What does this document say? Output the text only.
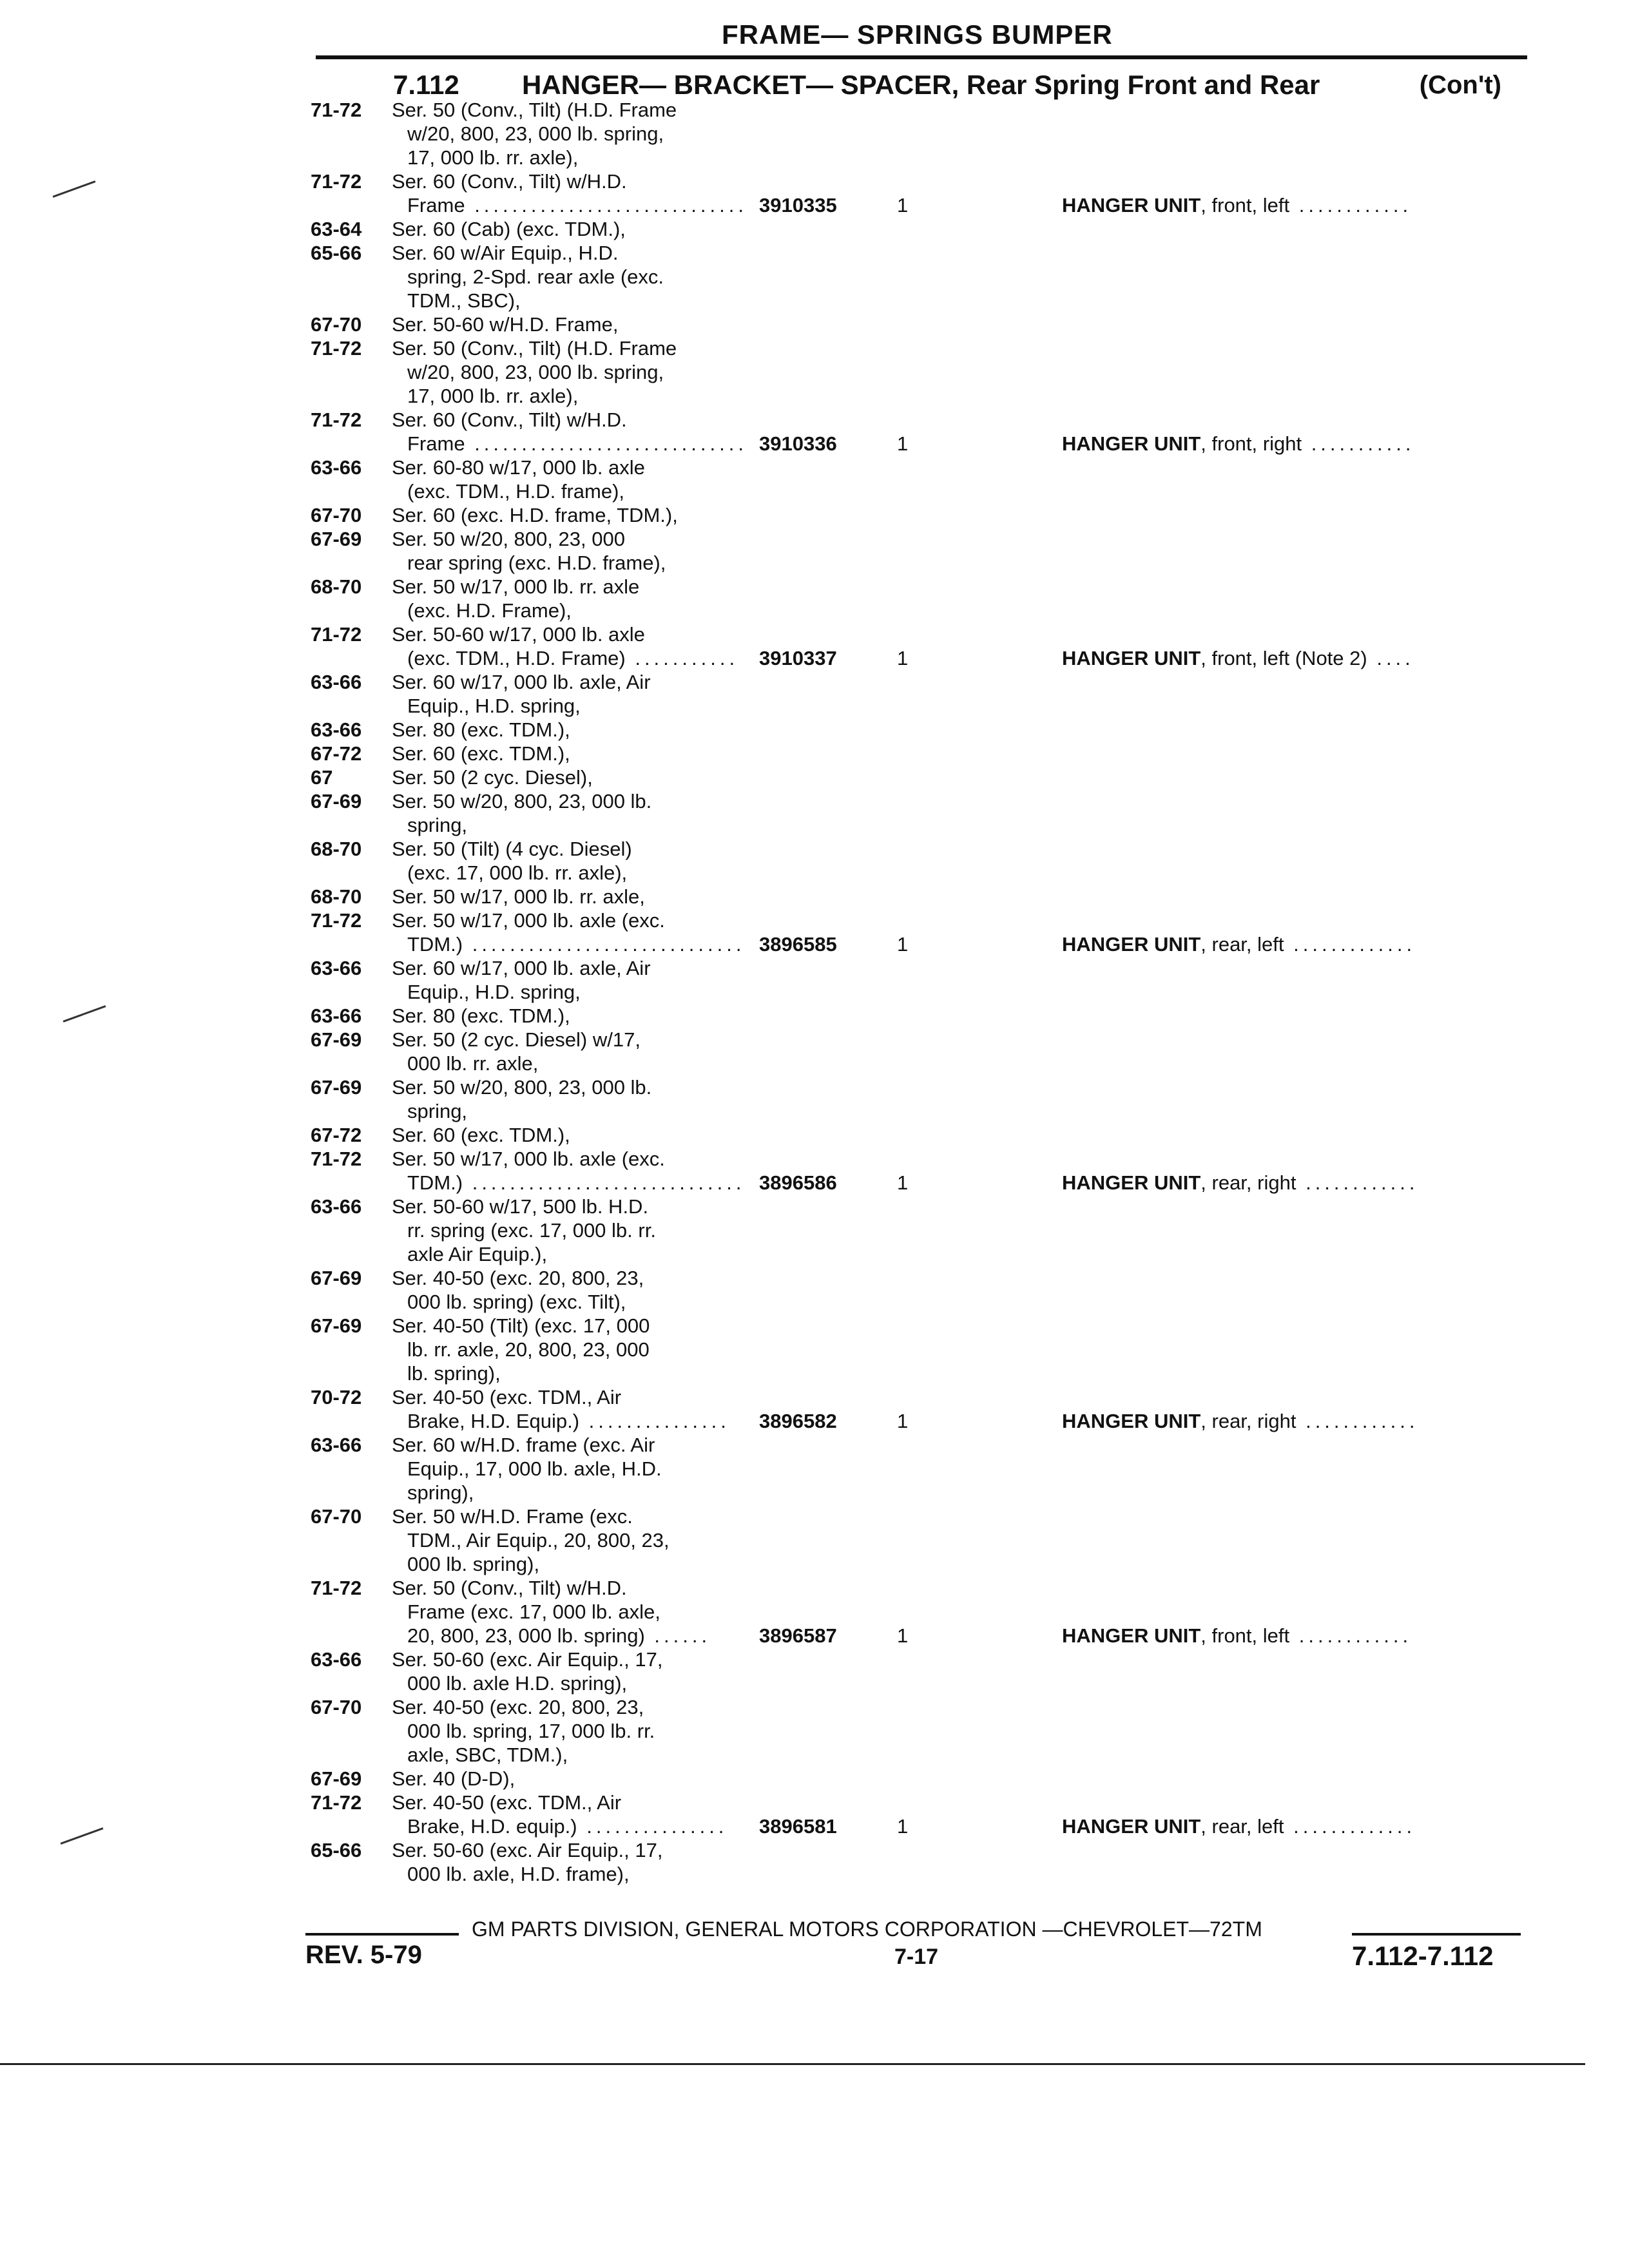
FRAME— SPRINGS BUMPER
7.112 HANGER— BRACKET— SPACER, Rear Spring Front and Rear	(Con't)
71-72 Ser. 50 (Conv., Tilt) (H.D. Frame
w/20, 800, 23, 000 lb. spring,
17, 000 lb. rr. axle),
71-72 Ser. 60 (Conv., Tilt) w/H.D.
Frame ............................. 3910335	1	HANGER UNIT, front, left ............
63-64 Ser. 60 (Cab) (exc. TDM.),
65-66 Ser. 60 w/Air Equip., H.D.
spring, 2-Spd. rear axle (exc.
TDM., SBC),
67-70 Ser. 50-60 w/H.D. Frame,
71-72 Ser. 50 (Conv., Tilt) (H.D. Frame
w/20, 800, 23, 000 lb. spring,
17, 000 lb. rr. axle),
71-72 Ser. 60 (Conv., Tilt) w/H.D.
Frame ............................. 3910336	1	HANGER UNIT, front, right ...........
63-66 Ser. 60-80 w/17, 000 lb. axle
(exc. TDM., H.D. frame),
67-70 Ser. 60 (exc. H.D. frame, TDM.),
67-69 Ser. 50 w/20, 800, 23, 000
rear spring (exc. H.D. frame),
68-70 Ser. 50 w/17, 000 lb. rr. axle
(exc. H.D. Frame),
71-72 Ser. 50-60 w/17, 000 lb. axle
(exc. TDM., H.D. Frame) ........... 3910337	1	HANGER UNIT, front, left (Note 2) ....
63-66 Ser. 60 w/17, 000 lb. axle, Air
Equip., H.D. spring,
63-66 Ser. 80 (exc. TDM.),
67-72 Ser. 60 (exc. TDM.),
67	Ser. 50 (2 cyc. Diesel),
67-69 Ser. 50 w/20, 800, 23, 000 lb.
spring,
68-70 Ser. 50 (Tilt) (4 cyc. Diesel)
(exc. 17, 000 lb. rr. axle),
68-70 Ser. 50 w/17, 000 lb. rr. axle,
71-72 Ser. 50 w/17, 000 lb. axle (exc.
TDM.) ............................. 3896585	1	HANGER UNIT, rear, left .............
63-66 Ser. 60 w/17, 000 lb. axle, Air
Equip., H.D. spring,
63-66 Ser. 80 (exc. TDM.),
67-69 Ser. 50 (2 cyc. Diesel) w/17,
000 lb. rr. axle,
67-69 Ser. 50 w/20, 800, 23, 000 lb.
spring,
67-72 Ser. 60 (exc. TDM.),
71-72 Ser. 50 w/17, 000 lb. axle (exc.
TDM.) ............................. 3896586	1	HANGER UNIT, rear, right ............
63-66 Ser. 50-60 w/17, 500 lb. H.D.
rr. spring (exc. 17, 000 lb. rr.
axle Air Equip.),
67-69 Ser. 40-50 (exc. 20, 800, 23,
000 lb. spring) (exc. Tilt),
67-69 Ser. 40-50 (Tilt) (exc. 17, 000
lb. rr. axle, 20, 800, 23, 000
lb. spring),
70-72 Ser. 40-50 (exc. TDM., Air
Brake, H.D. Equip.) ............... 3896582	1	HANGER UNIT, rear, right ............
63-66 Ser. 60 w/H.D. frame (exc. Air
Equip., 17, 000 lb. axle, H.D.
spring),
67-70 Ser. 50 w/H.D. Frame (exc.
TDM., Air Equip., 20, 800, 23,
000 lb. spring),
71-72 Ser. 50 (Conv., Tilt) w/H.D.
Frame (exc. 17, 000 lb. axle,
20, 800, 23, 000 lb. spring) ...... 3896587	1	HANGER UNIT, front, left ............
63-66 Ser. 50-60 (exc. Air Equip., 17,
000 lb. axle H.D. spring),
67-70 Ser. 40-50 (exc. 20, 800, 23,
000 lb. spring, 17, 000 lb. rr.
axle, SBC, TDM.),
67-69 Ser. 40 (D-D),
71-72 Ser. 40-50 (exc. TDM., Air
Brake, H.D. equip.) ............... 3896581	1	HANGER UNIT, rear, left .............
65-66 Ser. 50-60 (exc. Air Equip., 17,
000 lb. axle, H.D. frame),
GM PARTS DIVISION, GENERAL MOTORS CORPORATION —CHEVROLET—72TM
REV. 5-79	7-17	7.112-7.112
